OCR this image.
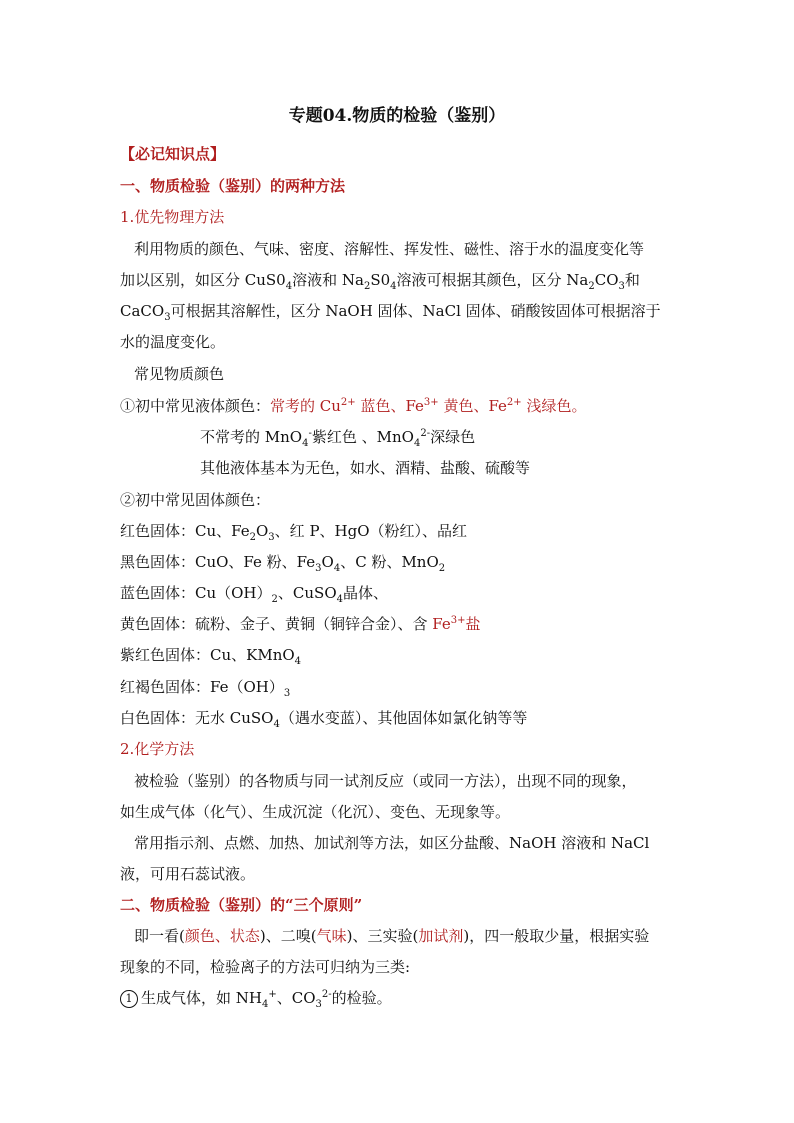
专题04.物质的检验（鉴别）
【必记知识点】
一、物质检验（鉴别）的两种方法
1.优先物理方法
利用物质的颜色、气味、密度、溶解性、挥发性、磁性、溶于水的温度变化等
加以区别，如区分 $CuS0_4$溶液和 $Na_2S0_4$溶液可根据其颜色，区分 $Na_2CO_3$和
CaCO$_3$可根据其溶解性，区分 NaOH 固体、NaCl 固体、硝酸铵固体可根据溶于
水的温度变化。
常见物质颜色
①初中常见液体颜色：常考的 $Cu^{2+}$ 蓝色、$Fe^{3+}$ 黄色、$Fe^{2+}$ 浅绿色。
不常考的 MnO$_4$-紫红色 、MnO$_4^{2-}$深绿色
其他液体基本为无色，如水、酒精、盐酸、硫酸等
②初中常见固体颜色：
红色固体：Cu、$Fe_2O_3$、红 P、HgO（粉红）、品红
黑色固体：CuO、Fe 粉、$Fe_3O_4$、C 粉、MnO$_2$
蓝色固体：$Cu(OH)_2$、CuSO$_4$晶体、
黄色固体：硫粉、金子、黄铜（铜锌合金）、含 $Fe^{3+}$盐
紫红色固体：Cu、KMnO$_4$
红褐色固体：$Fe(OH)_3$
白色固体：无水 CuSO$_4$（遇水变蓝）、其他固体如氯化钠等等
2.化学方法
被检验（鉴别）的各物质与同一试剂反应（或同一方法），出现不同的现象，
如生成气体（化气）、生成沉淀（化沉）、变色、无现象等。
常用指示剂、点燃、加热、加试剂等方法，如区分盐酸、NaOH 溶液和 NaCl
液，可用石蕊试液。
二、物质检验（鉴别）的“三个原则”
即一看(颜色、状态)、二嗅(气味)、三实验(加试剂)，四一般取少量，根据实验
现象的不同，检验离子的方法可归纳为三类:
1 生成气体，如 $NH_4^+$、$CO_3^{2-}$的检验。
